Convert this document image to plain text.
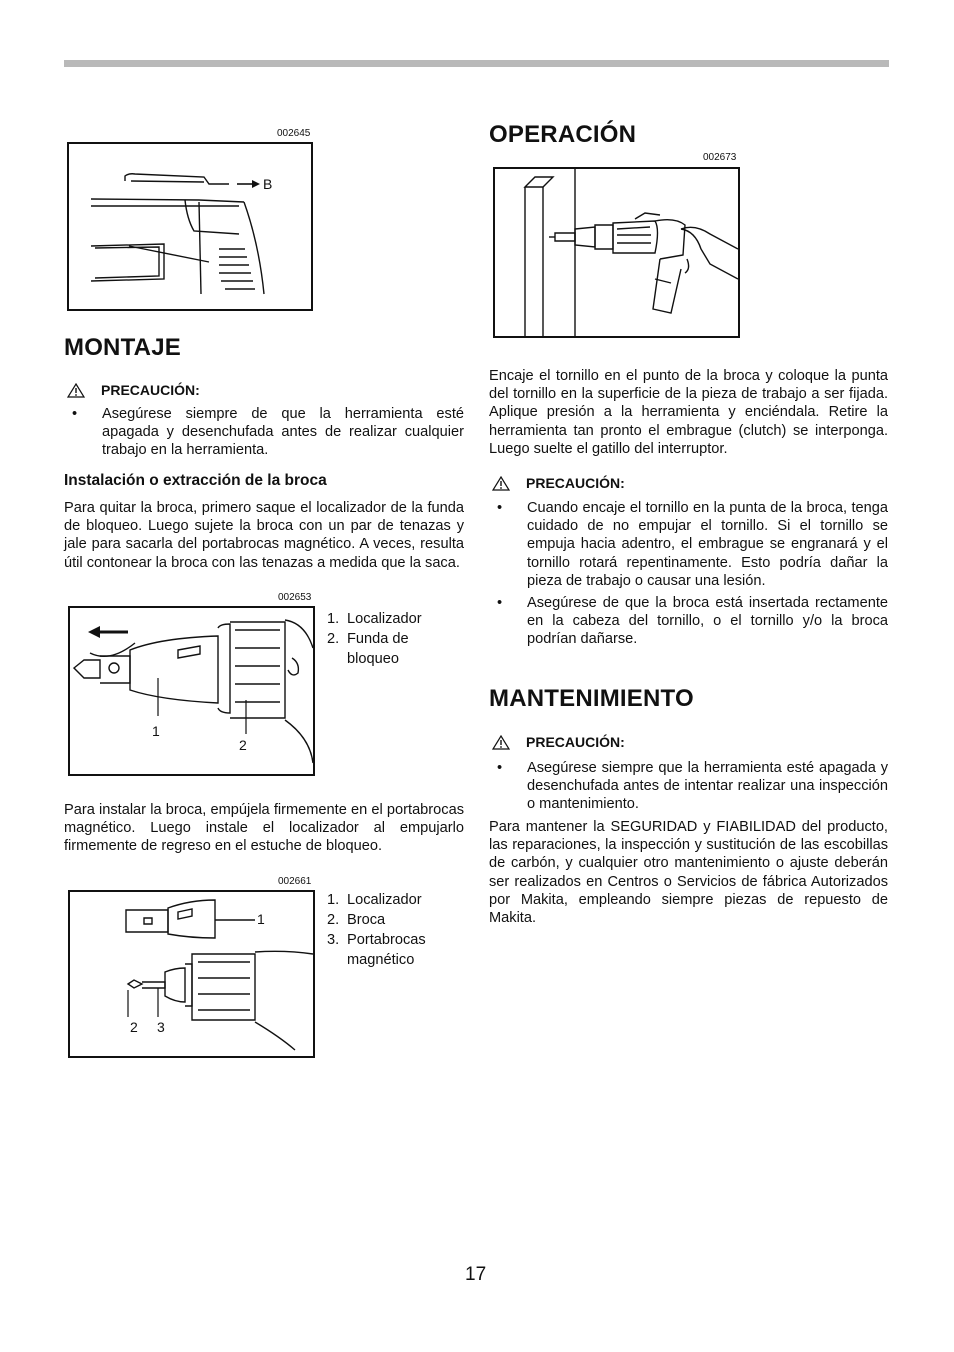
002645
B
MONTAJE
PRECAUCIÓN:
• Asegúrese siempre de que la herramienta esté apagada y desenchufada antes de realizar cualquier trabajo en la herramienta.
Instalación o extracción de la broca

Para quitar la broca, primero saque el localizador de la funda de bloqueo. Luego sujete la broca con un par de tenazas y jale para sacarla del portabrocas magnético. A veces, resulta útil contonear la broca con las tenazas a medida que la saca.

002653
1
2
1. Localizador
2. Funda de bloqueo

Para instalar la broca, empújela firmemente en el portabrocas magnético. Luego instale el localizador al empujarlo firmemente de regreso en el estuche de bloqueo.

002661
1
2 3
1. Localizador
2. Broca
3. Portabrocas magnético
OPERACIÓN
002673

Encaje el tornillo en el punto de la broca y coloque la punta del tornillo en la superficie de la pieza de trabajo a ser fijada. Aplique presión a la herramienta y enciéndala. Retire la herramienta tan pronto el embrague (clutch) se interponga. Luego suelte el gatillo del interruptor.

PRECAUCIÓN:
• Cuando encaje el tornillo en la punta de la broca, tenga cuidado de no empujar el tornillo. Si el tornillo se empuja hacia adentro, el embrague se engranará y el tornillo rotará repentinamente. Esto podría dañar la pieza de trabajo o causar una lesión.
• Asegúrese de que la broca está insertada rectamente en la cabeza del tornillo, o el tornillo y/o la broca podrían dañarse.
MANTENIMIENTO
PRECAUCIÓN:
• Asegúrese siempre que la herramienta esté apagada y desenchufada antes de intentar realizar una inspección o mantenimiento.

Para mantener la SEGURIDAD y FIABILIDAD del producto, las reparaciones, la inspección y sustitución de las escobillas de carbón, y cualquier otro mantenimiento o ajuste deberán ser realizados en Centros o Servicios de fábrica Autorizados por Makita, empleando siempre piezas de repuesto de Makita.

17
